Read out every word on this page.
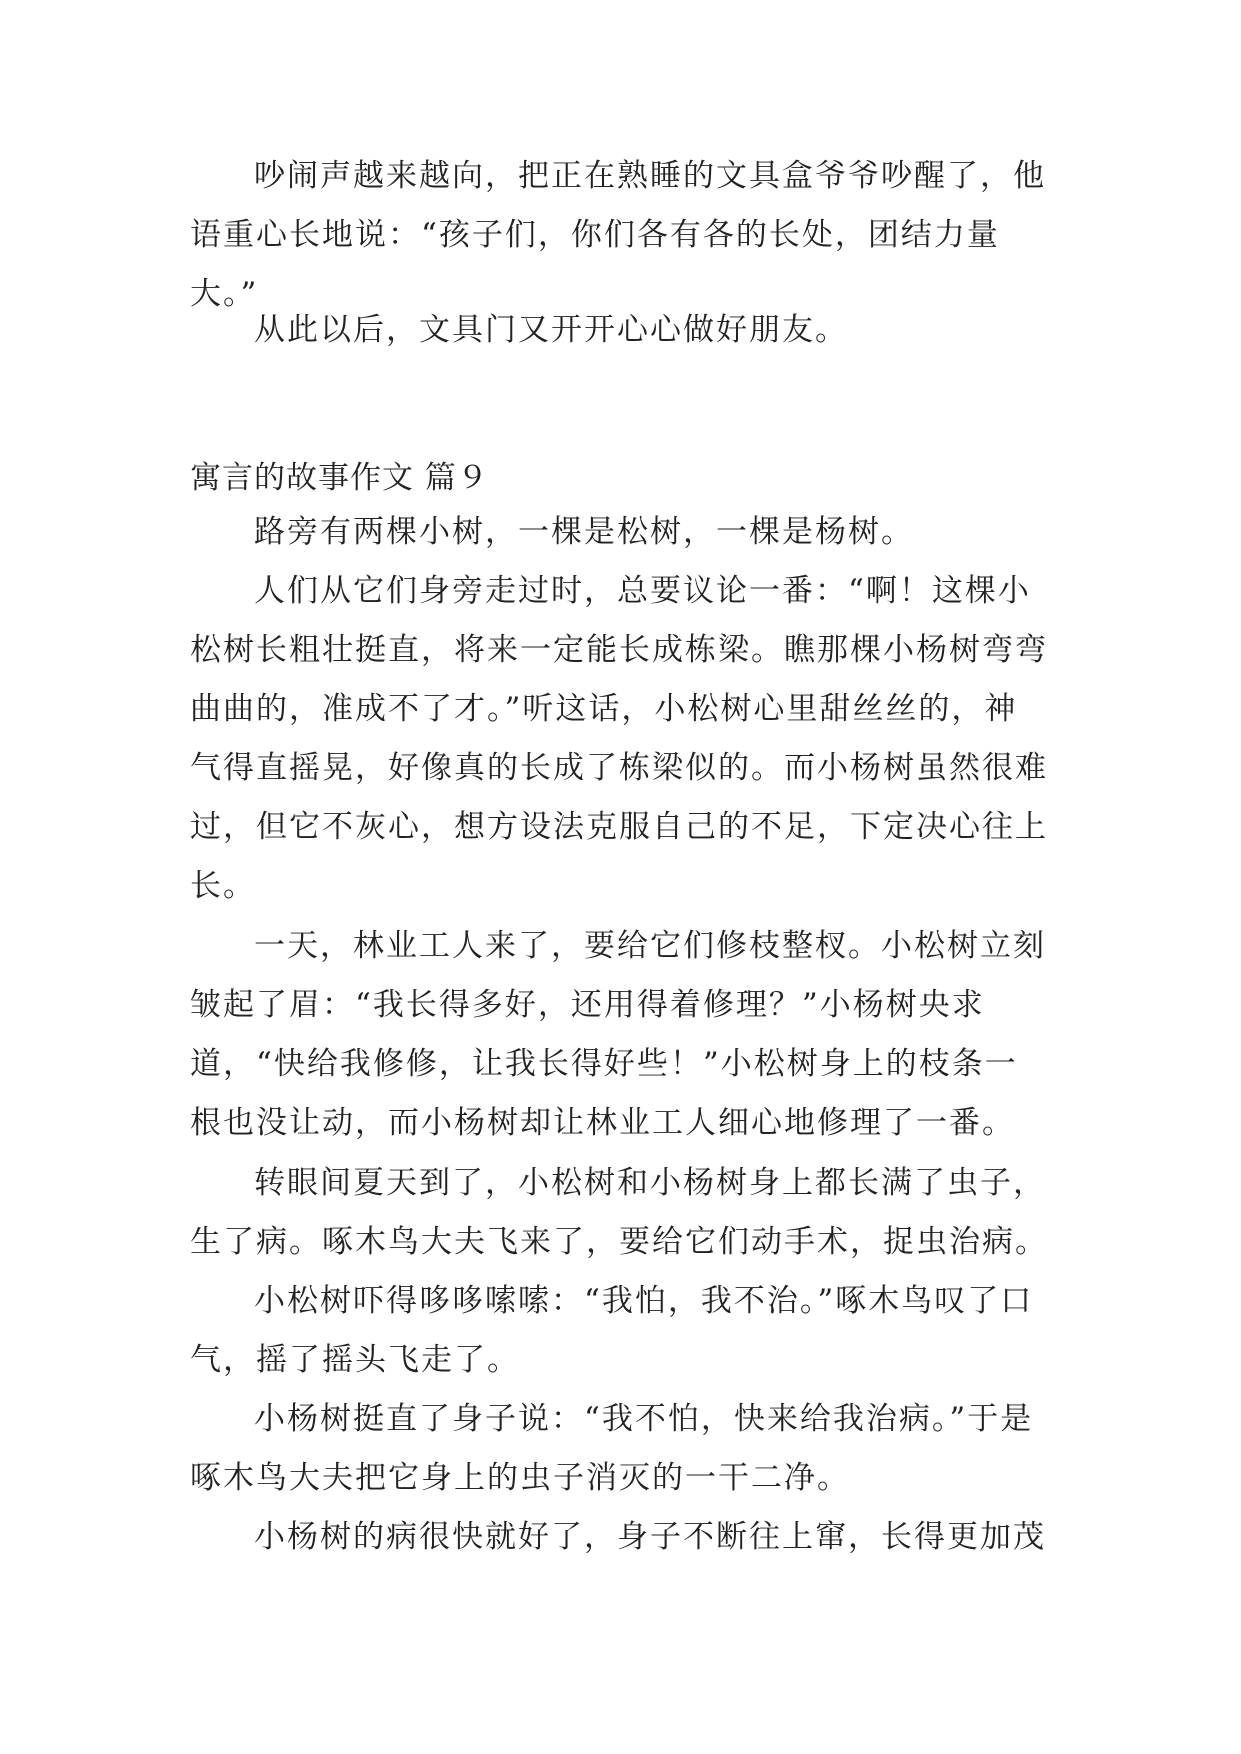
吵闹声越来越向，把正在熟睡的文具盒爷爷吵醒了，他语重心长地说：“孩子们，你们各有各的长处，团结力量大。”

从此以后，文具门又开开心心做好朋友。

寓言的故事作文 篇９

路旁有两棵小树，一棵是松树，一棵是杨树。

人们从它们身旁走过时，总要议论一番：“啊！这棵小松树长粗壮挺直，将来一定能长成栋梁。瞧那棵小杨树弯弯曲曲的，准成不了才。”听这话，小松树心里甜丝丝的，神气得直摇晃，好像真的长成了栋梁似的。而小杨树虽然很难过，但它不灰心，想方设法克服自己的不足，下定决心往上长。

一天，林业工人来了，要给它们修枝整杈。小松树立刻皱起了眉：“我长得多好，还用得着修理？”小杨树央求道，“快给我修修，让我长得好些！”小松树身上的枝条一根也没让动，而小杨树却让林业工人细心地修理了一番。

转眼间夏天到了，小松树和小杨树身上都长满了虫子，生了病。啄木鸟大夫飞来了，要给它们动手术，捉虫治病。

小松树吓得哆哆嗦嗦：“我怕，我不治。”啄木鸟叹了口气，摇了摇头飞走了。

小杨树挺直了身子说：“我不怕，快来给我治病。”于是啄木鸟大夫把它身上的虫子消灭的一干二净。

小杨树的病很快就好了，身子不断往上窜，长得更加茂
